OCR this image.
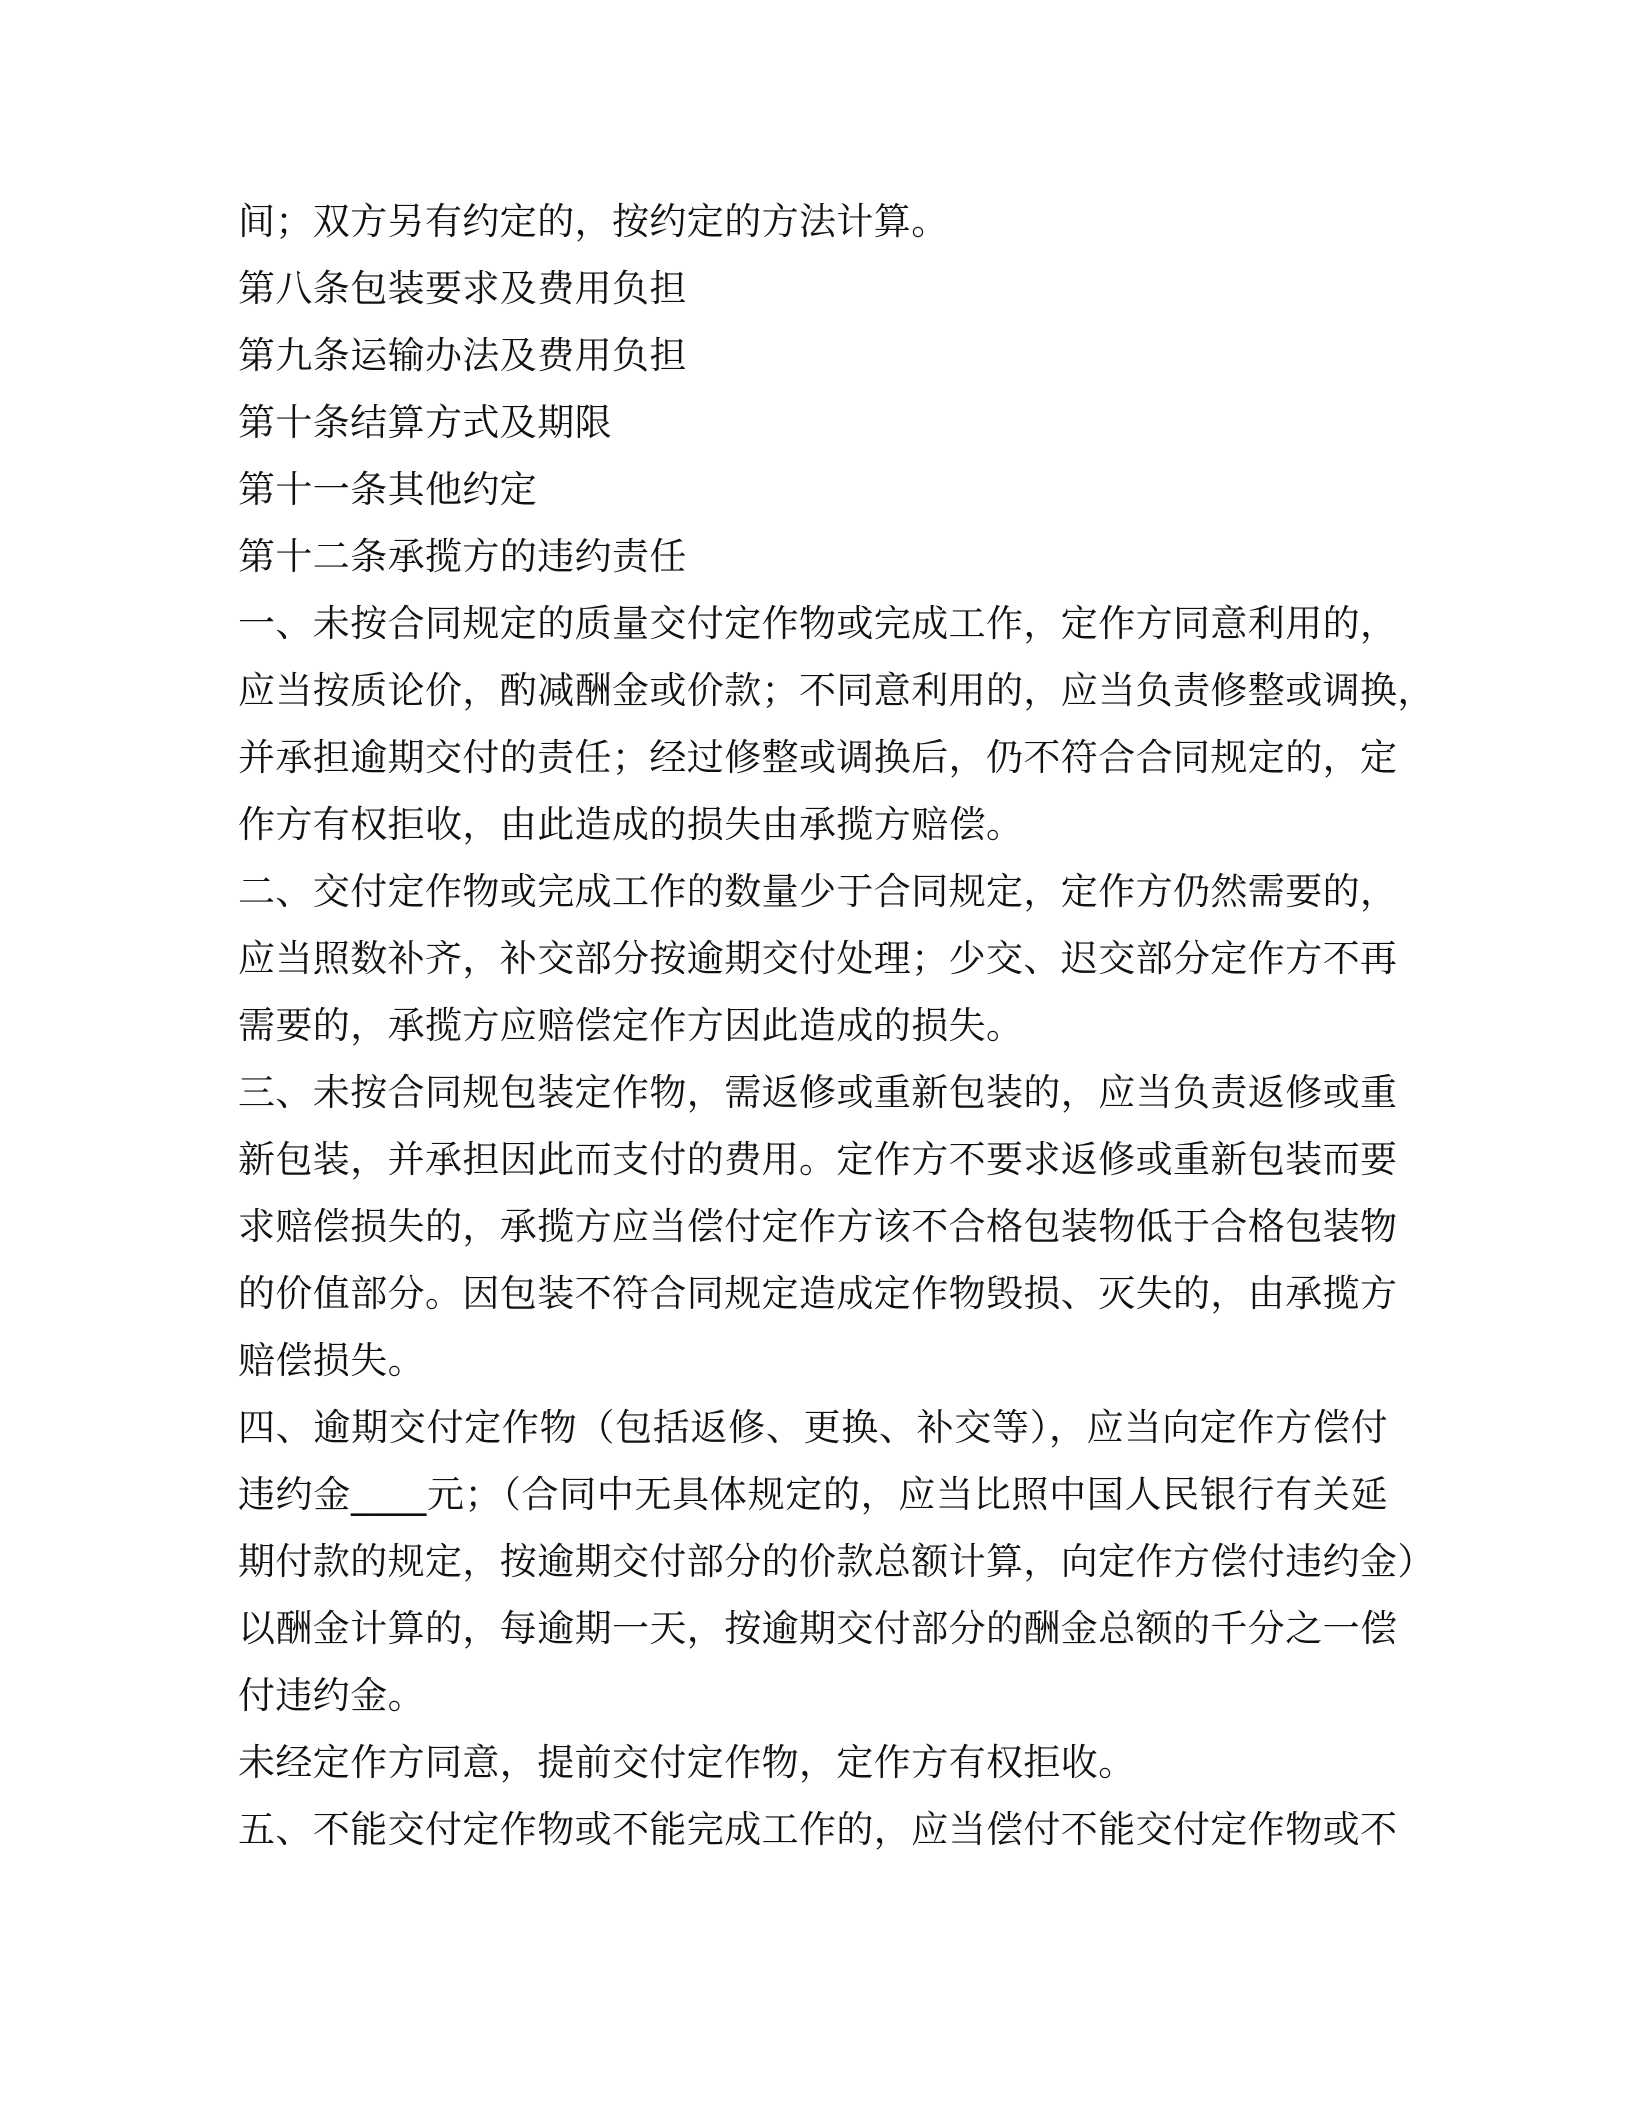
间；双方另有约定的，按约定的方法计算。
第八条包装要求及费用负担
第九条运输办法及费用负担
第十条结算方式及期限
第十一条其他约定
第十二条承揽方的违约责任
一、未按合同规定的质量交付定作物或完成工作，定作方同意利用的，
应当按质论价，酌减酬金或价款；不同意利用的，应当负责修整或调换，
并承担逾期交付的责任；经过修整或调换后，仍不符合合同规定的，定
作方有权拒收，由此造成的损失由承揽方赔偿。
二、交付定作物或完成工作的数量少于合同规定，定作方仍然需要的，
应当照数补齐，补交部分按逾期交付处理；少交、迟交部分定作方不再
需要的，承揽方应赔偿定作方因此造成的损失。
三、未按合同规包装定作物，需返修或重新包装的，应当负责返修或重
新包装，并承担因此而支付的费用。定作方不要求返修或重新包装而要
求赔偿损失的，承揽方应当偿付定作方该不合格包装物低于合格包装物
的价值部分。因包装不符合同规定造成定作物毁损、灭失的，由承揽方
赔偿损失。
四、逾期交付定作物（包括返修、更换、补交等），应当向定作方偿付
违约金____元；（合同中无具体规定的，应当比照中国人民银行有关延
期付款的规定，按逾期交付部分的价款总额计算，向定作方偿付违约金）
以酬金计算的，每逾期一天，按逾期交付部分的酬金总额的千分之一偿
付违约金。
未经定作方同意，提前交付定作物，定作方有权拒收。
五、不能交付定作物或不能完成工作的，应当偿付不能交付定作物或不
